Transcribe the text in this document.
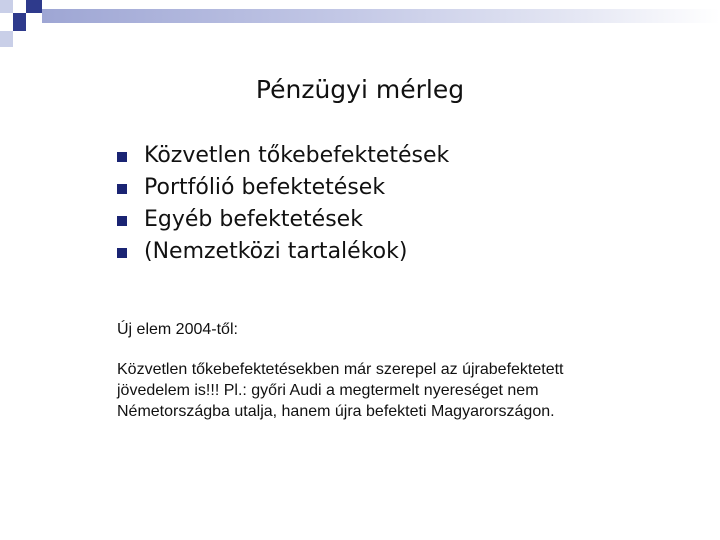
Pénzügyi mérleg
Közvetlen tőkebefektetések
Portfólió befektetések
Egyéb befektetések
(Nemzetközi tartalékok)
Új elem 2004-től:
Közvetlen tőkebefektetésekben már szerepel az újrabefektetett
jövedelem is!!! Pl.: győri Audi a megtermelt nyereséget nem
Németországba utalja, hanem újra befekteti Magyarországon.
